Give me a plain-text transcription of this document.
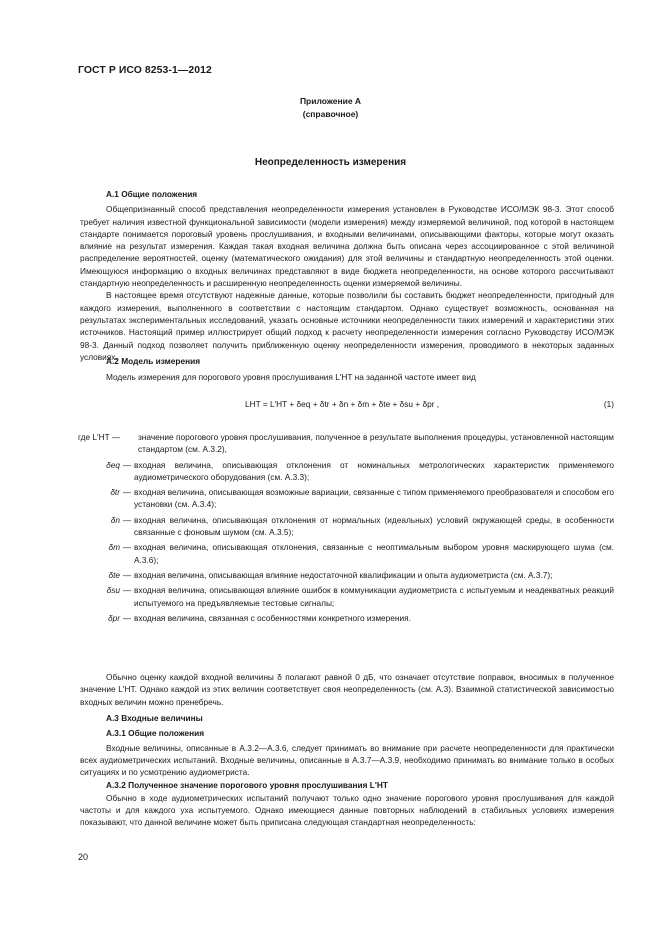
ГОСТ Р ИСО 8253-1—2012
Приложение А
(справочное)
Неопределенность измерения
А.1 Общие положения

Общепризнанный способ представления неопределенности измерения установлен в Руководстве ИСО/МЭК 98-3. Этот способ требует наличия известной функциональной зависимости (модели измерения) между измеряемой величиной, под которой в настоящем стандарте понимается пороговый уровень прослушивания, и входными величинами, описывающими факторы, которые могут оказать влияние на результат измерения. Каждая такая входная величина должна быть описана через ассоциированное с этой величиной распределение вероятностей, оценку (математического ожидания) для этой величины и стандартную неопределенность этой оценки. Имеющуюся информацию о входных величинах представляют в виде бюджета неопределенности, на основе которого рассчитывают стандартную неопределенность и расширенную неопределенность оценки измеряемой величины.

В настоящее время отсутствуют надежные данные, которые позволили бы составить бюджет неопределенности, пригодный для каждого измерения, выполненного в соответствии с настоящим стандартом. Однако существует возможность, основанная на результатах экспериментальных исследований, указать основные источники неопределенности таких измерений и характеристики этих источников. Настоящий пример иллюстрирует общий подход к расчету неопределенности измерения согласно Руководству ИСО/МЭК 98-3. Данный подход позволяет получить приближенную оценку неопределенности измерения, проводимого в некоторых заданных условиях.

А.2 Модель измерения

Модель измерения для порогового уровня прослушивания L'HT на заданной частоте имеет вид

LHT = L'HT + δeq + δtr + δn + δm + δte + δsu + δpr ,	(1)
где L'HT —	значение порогового уровня прослушивания, полученное в результате выполнения процедуры, установленной настоящим стандартом (см. А.3.2),
δeq — входная величина, описывающая отклонения от номинальных метрологических характеристик применяемого аудиометрического оборудования (см. А.3.3);
δtr — входная величина, описывающая возможные вариации, связанные с типом применяемого преобразователя и способом его установки (см. А.3.4);
δn — входная величина, описывающая отклонения от нормальных (идеальных) условий окружающей среды, в особенности связанные с фоновым шумом (см. А.3.5);
δm — входная величина, описывающая отклонения, связанные с неоптимальным выбором уровня маскирующего шума (см. А.3.6);
δte — входная величина, описывающая влияние недостаточной квалификации и опыта аудиометриста (см. А.3.7);
δsu — входная величина, описывающая влияние ошибок в коммуникации аудиометриста с испытуемым и неадекватных реакций испытуемого на предъявляемые тестовые сигналы;
δpr — входная величина, связанная с особенностями конкретного измерения.

Обычно оценку каждой входной величины δ полагают равной 0 дБ, что означает отсутствие поправок, вносимых в полученное значение L'HT. Однако каждой из этих величин соответствует своя неопределенность (см. А.3). Взаимной статистической зависимостью входных величин можно пренебречь.

А.3 Входные величины
А.3.1 Общие положения

Входные величины, описанные в А.3.2—А.3.6, следует принимать во внимание при расчете неопределенности для практически всех аудиометрических испытаний. Входные величины, описанные в А.3.7—А.3.9, необходимо принимать во внимание только в особых ситуациях и по усмотрению аудиометриста.

А.3.2 Полученное значение порогового уровня прослушивания L'HT

Обычно в ходе аудиометрических испытаний получают только одно значение порогового уровня прослушивания для каждой частоты и для каждого уха испытуемого. Однако имеющиеся данные повторных наблюдений в стабильных условиях измерения показывают, что данной величине может быть приписана следующая стандартная неопределенность:

20
